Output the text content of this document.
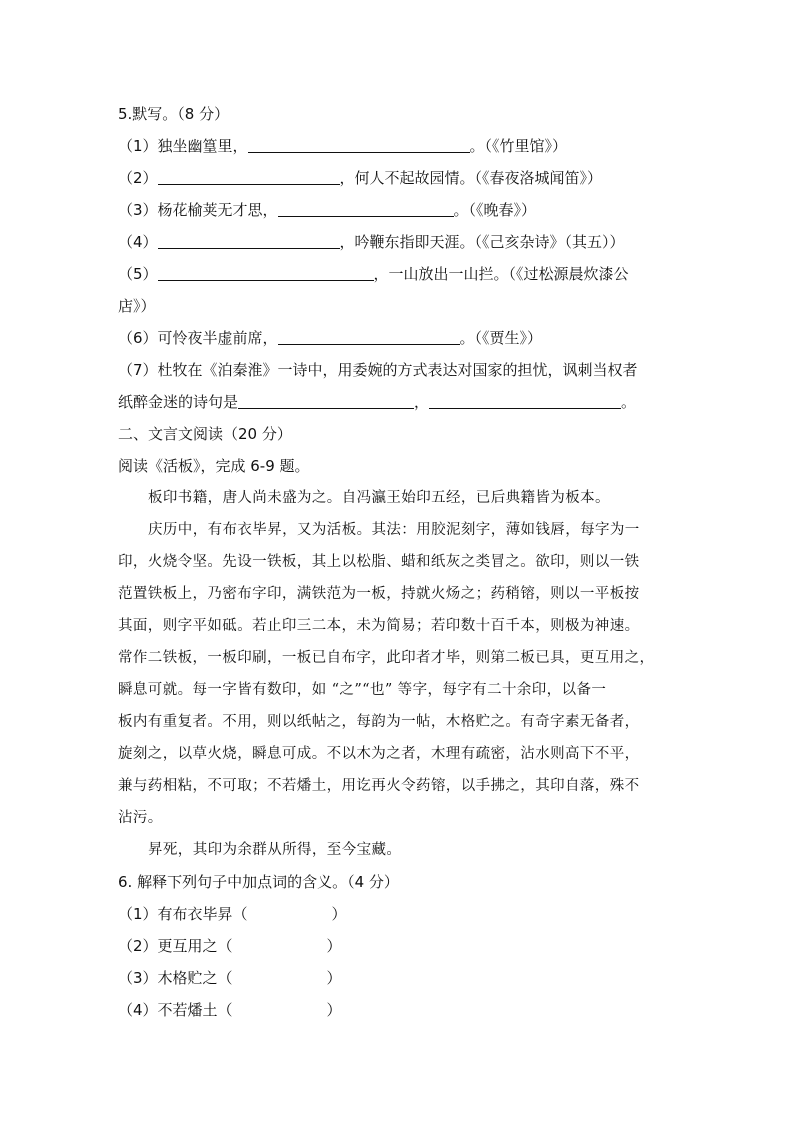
5.默写。（8 分）
（1）独坐幽篁里，	。（《竹里馆》）
（2）	，何人不起故园情。（《春夜洛城闻笛》）
（3）杨花榆荚无才思，	。（《晚春》）
（4）	，吟鞭东指即天涯。（《己亥杂诗》（其五））
（5）	，一山放出一山拦。（《过松源晨炊漆公
店》）
（6）可怜夜半虚前席，	。（《贾生》）
（7）杜牧在《泊秦淮》一诗中，用委婉的方式表达对国家的担忧，讽刺当权者
纸醉金迷的诗句是	，	。
二、文言文阅读（20 分）
阅读《活板》，完成 6-9 题。
板印书籍，唐人尚未盛为之。自冯瀛王始印五经，已后典籍皆为板本。
庆历中，有布衣毕昇，又为活板。其法：用胶泥刻字，薄如钱唇，每字为一
印，火烧令坚。先设一铁板，其上以松脂、蜡和纸灰之类冒之。欲印，则以一铁
范置铁板上，乃密布字印，满铁范为一板，持就火炀之；药稍镕，则以一平板按
其面，则字平如砥。若止印三二本，未为简易；若印数十百千本，则极为神速。
常作二铁板，一板印刷，一板已自布字，此印者才毕，则第二板已具，更互用之，
瞬息可就。每一字皆有数印，如 “之”“也” 等字，每字有二十余印，以备一
板内有重复者。不用，则以纸帖之，每韵为一帖，木格贮之。有奇字素无备者，
旋刻之，以草火烧，瞬息可成。不以木为之者，木理有疏密，沾水则高下不平，
兼与药相粘，不可取；不若燔土，用讫再火令药镕，以手拂之，其印自落，殊不
沾污。
昇死，其印为余群从所得，至今宝藏。
6. 解释下列句子中加点词的含义。（4 分）
（1）有布衣毕昇（	）
（2）更互用之（	）
（3）木格贮之（	）
（4）不若燔土（	）
